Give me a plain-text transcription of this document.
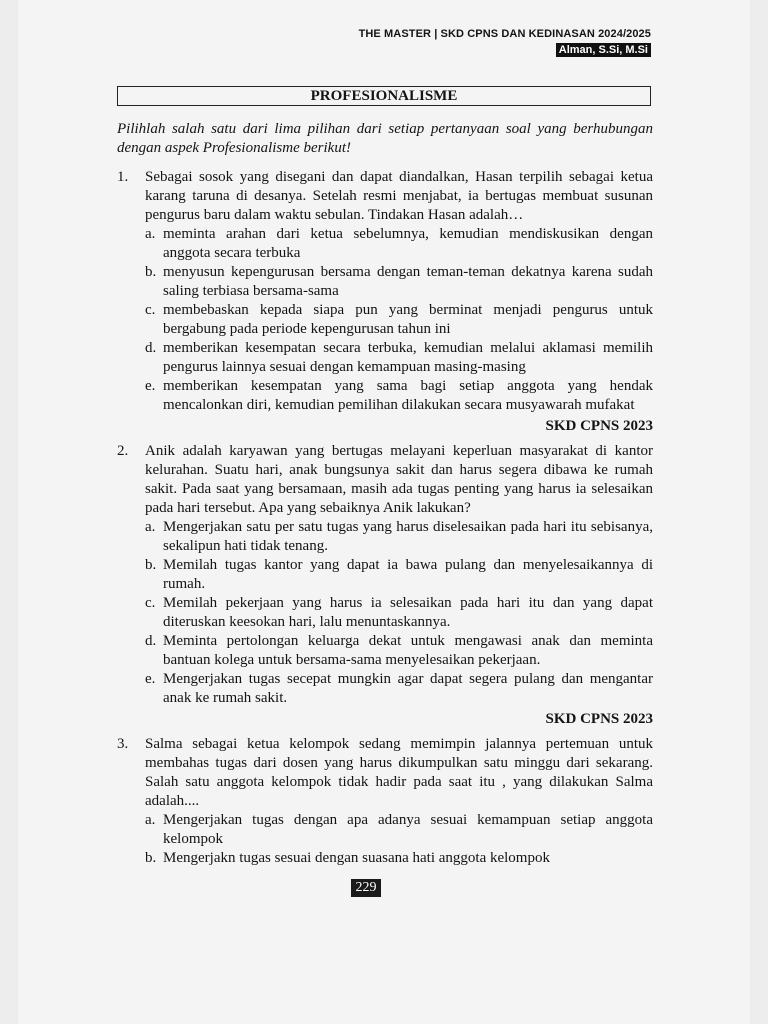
THE MASTER | SKD CPNS DAN KEDINASAN 2024/2025
Alman, S.Si, M.Si
PROFESIONALISME
Pilihlah salah satu dari lima pilihan dari setiap pertanyaan soal yang berhubungan dengan aspek Profesionalisme berikut!
1. Sebagai sosok yang disegani dan dapat diandalkan, Hasan terpilih sebagai ketua karang taruna di desanya. Setelah resmi menjabat, ia bertugas membuat susunan pengurus baru dalam waktu sebulan. Tindakan Hasan adalah…
a. meminta arahan dari ketua sebelumnya, kemudian mendiskusikan dengan anggota secara terbuka
b. menyusun kepengurusan bersama dengan teman-teman dekatnya karena sudah saling terbiasa bersama-sama
c. membebaskan kepada siapa pun yang berminat menjadi pengurus untuk bergabung pada periode kepengurusan tahun ini
d. memberikan kesempatan secara terbuka, kemudian melalui aklamasi memilih pengurus lainnya sesuai dengan kemampuan masing-masing
e. memberikan kesempatan yang sama bagi setiap anggota yang hendak mencalonkan diri, kemudian pemilihan dilakukan secara musyawarah mufakat
SKD CPNS 2023
2. Anik adalah karyawan yang bertugas melayani keperluan masyarakat di kantor kelurahan. Suatu hari, anak bungsunya sakit dan harus segera dibawa ke rumah sakit. Pada saat yang bersamaan, masih ada tugas penting yang harus ia selesaikan pada hari tersebut. Apa yang sebaiknya Anik lakukan?
a. Mengerjakan satu per satu tugas yang harus diselesaikan pada hari itu sebisanya, sekalipun hati tidak tenang.
b. Memilah tugas kantor yang dapat ia bawa pulang dan menyelesaikannya di rumah.
c. Memilah pekerjaan yang harus ia selesaikan pada hari itu dan yang dapat diteruskan keesokan hari, lalu menuntaskannya.
d. Meminta pertolongan keluarga dekat untuk mengawasi anak dan meminta bantuan kolega untuk bersama-sama menyelesaikan pekerjaan.
e. Mengerjakan tugas secepat mungkin agar dapat segera pulang dan mengantar anak ke rumah sakit.
SKD CPNS 2023
3. Salma sebagai ketua kelompok sedang memimpin jalannya pertemuan untuk membahas tugas dari dosen yang harus dikumpulkan satu minggu dari sekarang. Salah satu anggota kelompok tidak hadir pada saat itu , yang dilakukan Salma adalah....
a. Mengerjakan tugas dengan apa adanya sesuai kemampuan setiap anggota kelompok
b. Mengerjakn tugas sesuai dengan suasana hati anggota kelompok
229
